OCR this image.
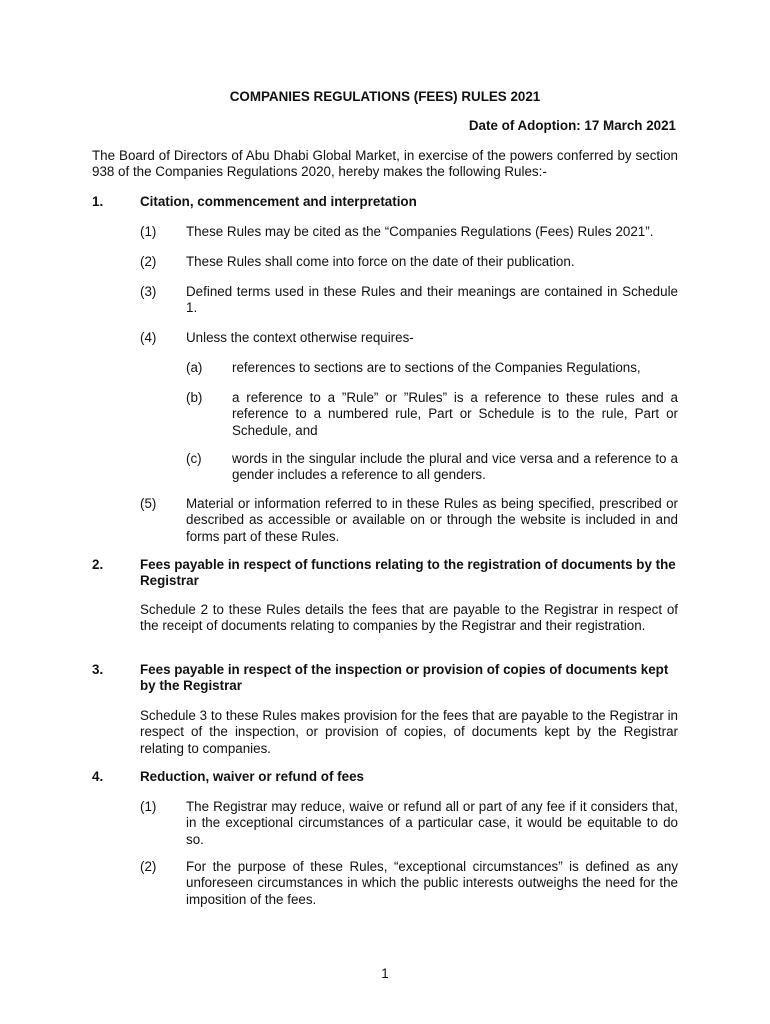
COMPANIES REGULATIONS (FEES) RULES 2021
Date of Adoption: 17 March 2021
The Board of Directors of Abu Dhabi Global Market, in exercise of the powers conferred by section 938 of the Companies Regulations 2020, hereby makes the following Rules:-
1.	Citation, commencement and interpretation
(1) These Rules may be cited as the “Companies Regulations (Fees) Rules 2021”.
(2) These Rules shall come into force on the date of their publication.
(3) Defined terms used in these Rules and their meanings are contained in Schedule 1.
(4) Unless the context otherwise requires-
(a) references to sections are to sections of the Companies Regulations,
(b) a reference to a ”Rule” or ”Rules” is a reference to these rules and a reference to a numbered rule, Part or Schedule is to the rule, Part or Schedule, and
(c) words in the singular include the plural and vice versa and a reference to a gender includes a reference to all genders.
(5) Material or information referred to in these Rules as being specified, prescribed or described as accessible or available on or through the website is included in and forms part of these Rules.
2.	Fees payable in respect of functions relating to the registration of documents by the Registrar
Schedule 2 to these Rules details the fees that are payable to the Registrar in respect of the receipt of documents relating to companies by the Registrar and their registration.
3.	Fees payable in respect of the inspection or provision of copies of documents kept by the Registrar
Schedule 3 to these Rules makes provision for the fees that are payable to the Registrar in respect of the inspection, or provision of copies, of documents kept by the Registrar relating to companies.
4.	Reduction, waiver or refund of fees
(1) The Registrar may reduce, waive or refund all or part of any fee if it considers that, in the exceptional circumstances of a particular case, it would be equitable to do so.
(2) For the purpose of these Rules, “exceptional circumstances” is defined as any unforeseen circumstances in which the public interests outweighs the need for the imposition of the fees.
1
